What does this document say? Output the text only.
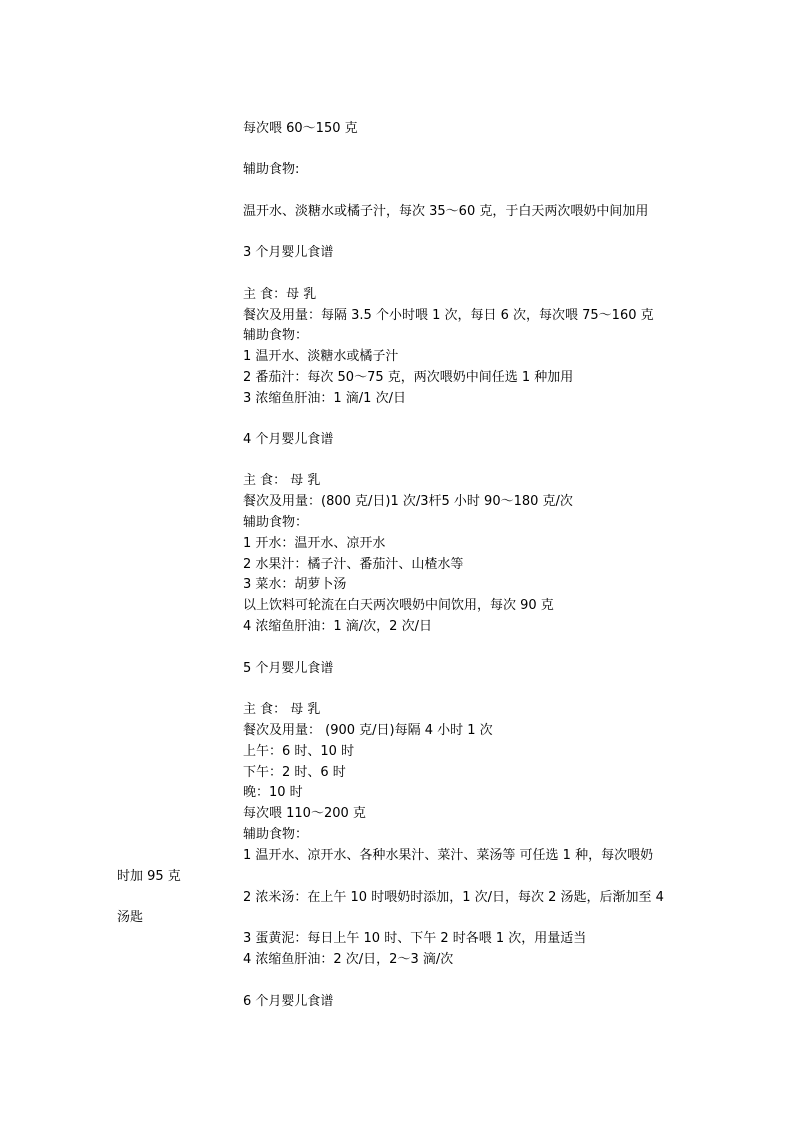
每次喂 60～150 克
辅助食物:
温开水、淡糖水或橘子汁，每次 35～60 克，于白天两次喂奶中间加用
3 个月婴儿食谱
主 食：母 乳
餐次及用量：每隔 3.5 个小时喂 1 次，每日 6 次，每次喂 75～160 克
辅助食物：
1 温开水、淡糖水或橘子汁
2 番茄汁：每次 50～75 克，两次喂奶中间任选 1 种加用
3 浓缩鱼肝油：1 滴/1 次/日
4 个月婴儿食谱
主 食： 母 乳
餐次及用量：(800 克/日)1 次/3杆5 小时 90～180 克/次
辅助食物：
1 开水：温开水、凉开水
2 水果汁：橘子汁、番茄汁、山楂水等
3 菜水：胡萝卜汤
以上饮料可轮流在白天两次喂奶中间饮用，每次 90 克
4 浓缩鱼肝油：1 滴/次，2 次/日
5 个月婴儿食谱
主 食： 母 乳
餐次及用量： (900 克/日)每隔 4 小时 1 次
上午：6 时、10 时
下午：2 时、6 时
晚：10 时
每次喂 110～200 克
辅助食物：
1 温开水、凉开水、各种水果汁、菜汁、菜汤等 可任选 1 种，每次喂奶
时加 95 克
2 浓米汤：在上午 10 时喂奶时添加，1 次/日，每次 2 汤匙，后渐加至 4
汤匙
3 蛋黄泥：每日上午 10 时、下午 2 时各喂 1 次，用量适当
4 浓缩鱼肝油：2 次/日，2～3 滴/次
6 个月婴儿食谱
